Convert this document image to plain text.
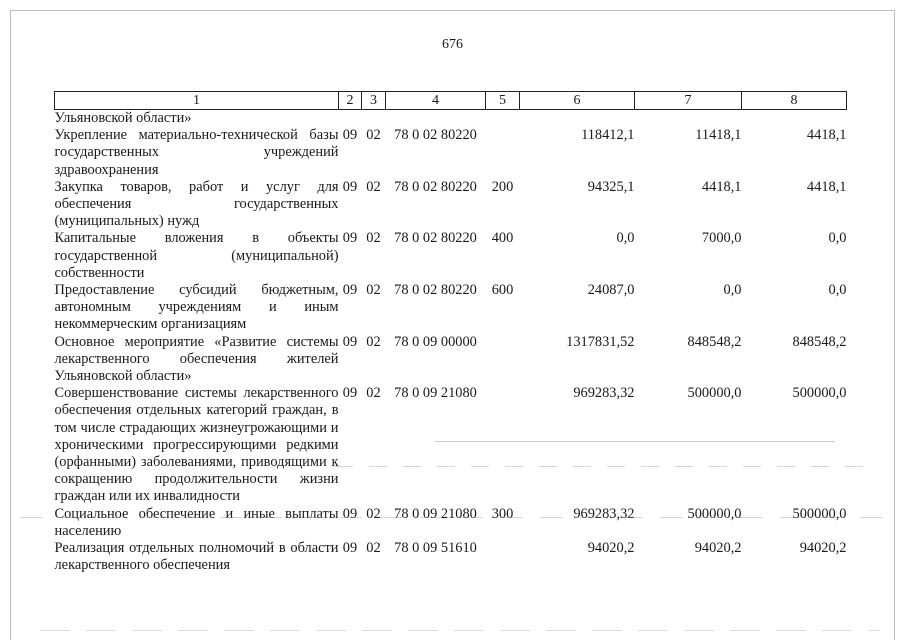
676
1	2	3	4	5	6	7	8
Ульяновской области»							
Укрепление материально-технической базы государственных учреждений здравоохранения	09	02	78 0 02 80220		118412,1	11418,1	4418,1
Закупка товаров, работ и услуг для обеспечения государственных (муниципальных) нужд	09	02	78 0 02 80220	200	94325,1	4418,1	4418,1
Капитальные вложения в объекты государственной (муниципальной) собственности	09	02	78 0 02 80220	400	0,0	7000,0	0,0
Предоставление субсидий бюджетным, автономным учреждениям и иным некоммерческим организациям	09	02	78 0 02 80220	600	24087,0	0,0	0,0
Основное мероприятие «Развитие системы лекарственного обеспечения жителей Ульяновской области»	09	02	78 0 09 00000		1317831,52	848548,2	848548,2
Совершенствование системы лекарственного обеспечения отдельных категорий граждан, в том числе страдающих жизнеугрожающими и хроническими прогрессирующими редкими (орфанными) заболеваниями, приводящими к сокращению продолжительности жизни граждан или их инвалидности	09	02	78 0 09 21080		969283,32	500000,0	500000,0
Социальное обеспечение и иные выплаты населению	09	02	78 0 09 21080	300	969283,32	500000,0	500000,0
Реализация отдельных полномочий в области лекарственного обеспечения	09	02	78 0 09 51610		94020,2	94020,2	94020,2
